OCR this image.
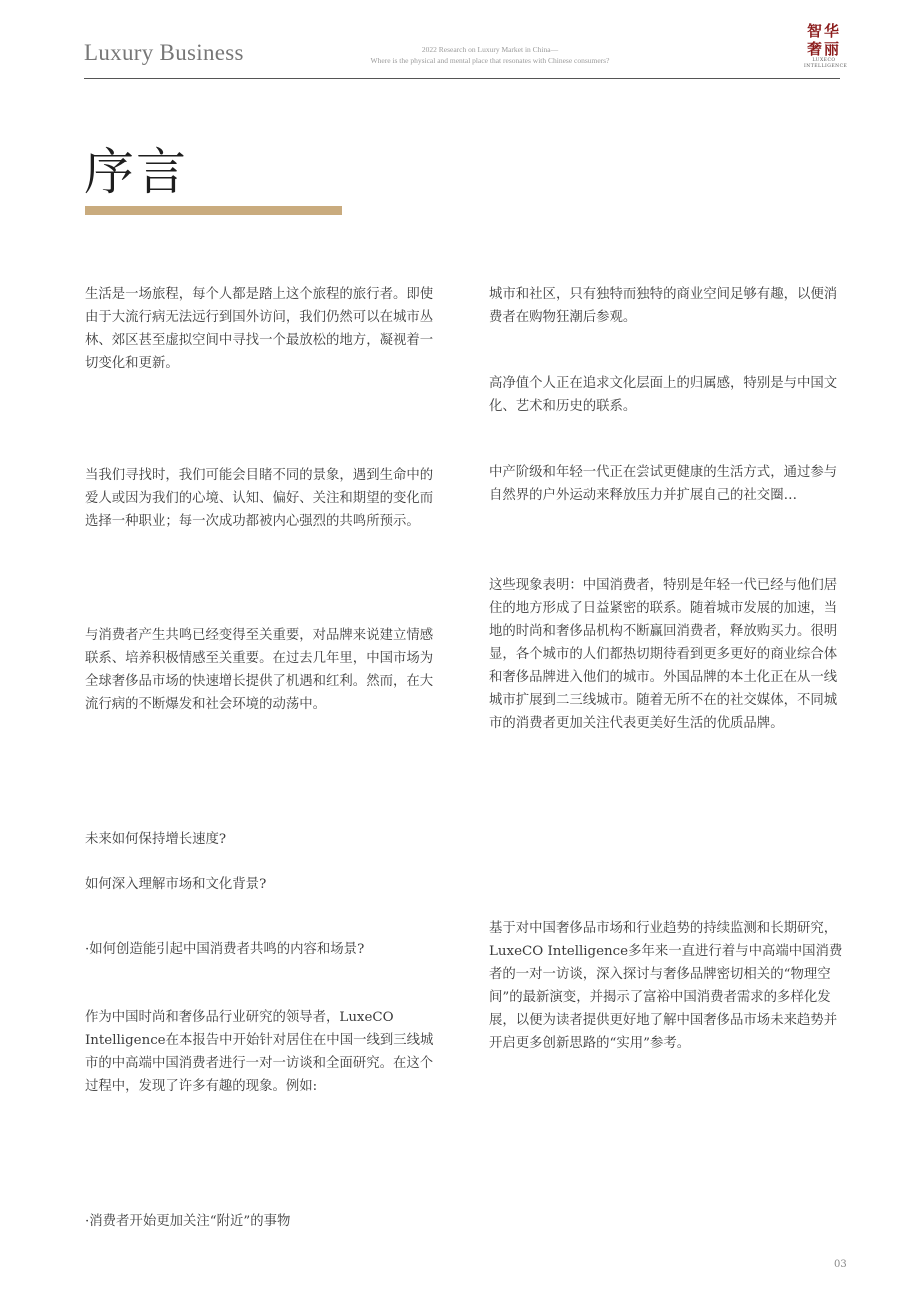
Luxury Business	2022 Research on Luxury Market in China—
Where is the physical and mental place that resonates with Chinese consumers?
智华
奢丽
LUXECO
INTELLIGENCE
序言

生活是一场旅程，每个人都是踏上这个旅程的旅行者。即使由于大流行病无法远行到国外访问，我们仍然可以在城市丛林、郊区甚至虚拟空间中寻找一个最放松的地方，凝视着一切变化和更新。

当我们寻找时，我们可能会目睹不同的景象，遇到生命中的爱人或因为我们的心境、认知、偏好、关注和期望的变化而选择一种职业；每一次成功都被内心强烈的共鸣所预示。

与消费者产生共鸣已经变得至关重要，对品牌来说建立情感联系、培养积极情感至关重要。在过去几年里，中国市场为全球奢侈品市场的快速增长提供了机遇和红利。然而，在大流行病的不断爆发和社会环境的动荡中。

未来如何保持增长速度?

如何深入理解市场和文化背景?

·如何创造能引起中国消费者共鸣的内容和场景?

作为中国时尚和奢侈品行业研究的领导者，LuxeCO Intelligence在本报告中开始针对居住在中国一线到三线城市的中高端中国消费者进行一对一访谈和全面研究。在这个过程中，发现了许多有趣的现象。例如:

·消费者开始更加关注“附近”的事物

城市和社区，只有独特而独特的商业空间足够有趣，以便消费者在购物狂潮后参观。

高净值个人正在追求文化层面上的归属感，特别是与中国文化、艺术和历史的联系。

中产阶级和年轻一代正在尝试更健康的生活方式，通过参与自然界的户外运动来释放压力并扩展自己的社交圈…

这些现象表明：中国消费者，特别是年轻一代已经与他们居住的地方形成了日益紧密的联系。随着城市发展的加速，当地的时尚和奢侈品机构不断赢回消费者，释放购买力。很明显，各个城市的人们都热切期待看到更多更好的商业综合体和奢侈品牌进入他们的城市。外国品牌的本土化正在从一线城市扩展到二三线城市。随着无所不在的社交媒体，不同城市的消费者更加关注代表更美好生活的优质品牌。

基于对中国奢侈品市场和行业趋势的持续监测和长期研究，LuxeCO Intelligence多年来一直进行着与中高端中国消费者的一对一访谈，深入探讨与奢侈品牌密切相关的“物理空间”的最新演变，并揭示了富裕中国消费者需求的多样化发展，以便为读者提供更好地了解中国奢侈品市场未来趋势并开启更多创新思路的“实用”参考。

03
